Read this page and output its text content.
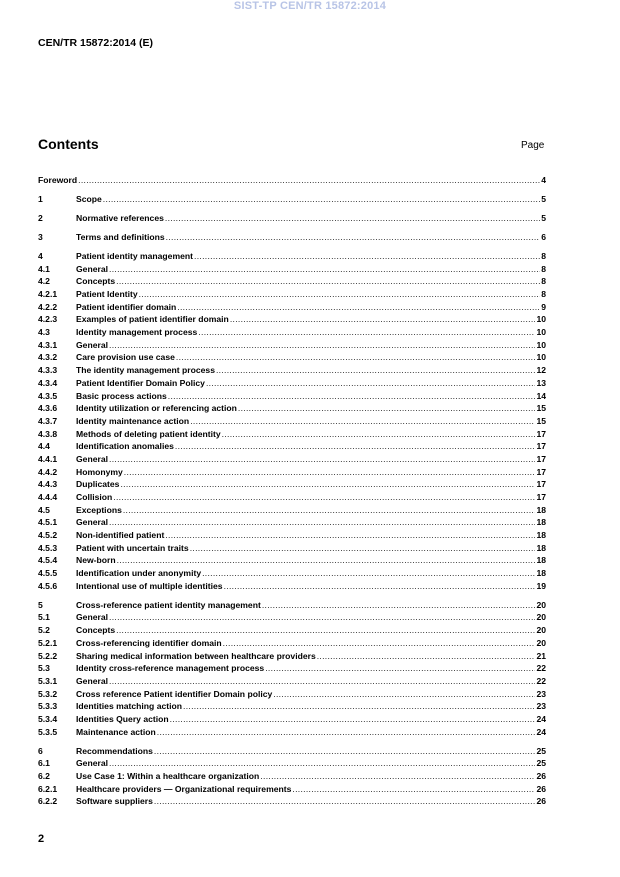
SIST-TP CEN/TR 15872:2014
CEN/TR 15872:2014 (E)
Contents	Page
Foreword .....	4
1	Scope .....	5
2	Normative references .....	5
3	Terms and definitions .....	6
4	Patient identity management .....	8
4.1	General .....	8
4.2	Concepts .....	8
4.2.1	Patient Identity .....	8
4.2.2	Patient identifier domain .....	9
4.2.3	Examples of patient identifier domain .....	10
4.3	Identity management process .....	10
4.3.1	General .....	10
4.3.2	Care provision use case .....	10
4.3.3	The identity management process .....	12
4.3.4	Patient Identifier Domain Policy .....	13
4.3.5	Basic process actions .....	14
4.3.6	Identity utilization or referencing action .....	15
4.3.7	Identity maintenance action .....	15
4.3.8	Methods of deleting patient identity .....	17
4.4	Identification anomalies .....	17
4.4.1	General .....	17
4.4.2	Homonymy .....	17
4.4.3	Duplicates .....	17
4.4.4	Collision .....	17
4.5	Exceptions .....	18
4.5.1	General .....	18
4.5.2	Non-identified patient .....	18
4.5.3	Patient with uncertain traits .....	18
4.5.4	New-born .....	18
4.5.5	Identification under anonymity .....	18
4.5.6	Intentional use of multiple identities .....	19
5	Cross-reference patient identity management .....	20
5.1	General .....	20
5.2	Concepts .....	20
5.2.1	Cross-referencing identifier domain .....	20
5.2.2	Sharing medical information between healthcare providers .....	21
5.3	Identity cross-reference management process .....	22
5.3.1	General .....	22
5.3.2	Cross reference Patient identifier Domain policy .....	23
5.3.3	Identities matching action .....	23
5.3.4	Identities Query action .....	24
5.3.5	Maintenance action .....	24
6	Recommendations .....	25
6.1	General .....	25
6.2	Use Case 1: Within a healthcare organization .....	26
6.2.1	Healthcare providers — Organizational requirements .....	26
6.2.2	Software suppliers .....	26
2
